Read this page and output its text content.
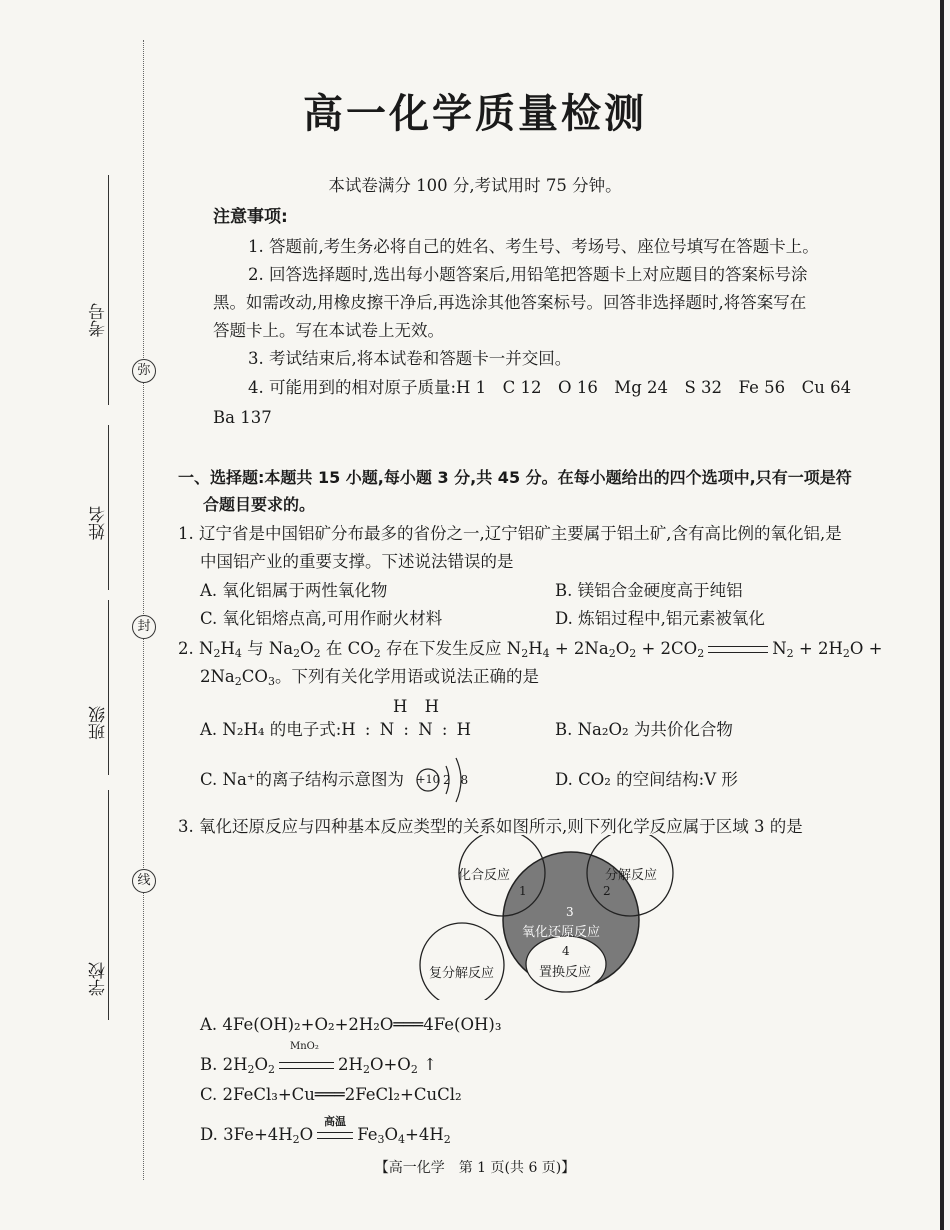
考号
姓名
班级
学校
弥
封
线
高一化学质量检测
本试卷满分 100 分,考试用时 75 分钟。
注意事项:
1. 答题前,考生务必将自己的姓名、考生号、考场号、座位号填写在答题卡上。
2. 回答选择题时,选出每小题答案后,用铅笔把答题卡上对应题目的答案标号涂
黑。如需改动,用橡皮擦干净后,再选涂其他答案标号。回答非选择题时,将答案写在
答题卡上。写在本试卷上无效。
3. 考试结束后,将本试卷和答题卡一并交回。
4. 可能用到的相对原子质量:H 1　C 12　O 16　Mg 24　S 32　Fe 56　Cu 64
Ba 137
一、选择题:本题共 15 小题,每小题 3 分,共 45 分。在每小题给出的四个选项中,只有一项是符
合题目要求的。
1. 辽宁省是中国铝矿分布最多的省份之一,辽宁铝矿主要属于铝土矿,含有高比例的氧化铝,是
中国铝产业的重要支撑。下述说法错误的是
A. 氧化铝属于两性氧化物	B. 镁铝合金硬度高于纯铝
C. 氧化铝熔点高,可用作耐火材料	D. 炼铝过程中,铝元素被氧化
2. $N_2H_4$ 与 $Na_2O_2$ 在 $CO_2$ 存在下发生反应 $N_2H_4 + 2Na_2O_2 + 2CO_2$	$N_2 + 2H_2O$ +
$2Na_2CO_3$。下列有关化学用语或说法正确的是
H H
A. N₂H₄ 的电子式:H : N : N : H	B. Na₂O₂ 为共价化合物
C. Na⁺的离子结构示意图为 +10 2 8	D. CO₂ 的空间结构:V 形
3. 氧化还原反应与四种基本反应类型的关系如图所示,则下列化学反应属于区域 3 的是
化合反应
1
分解反应
2
3
氧化还原反应
复分解反应
4
置换反应
A. 4Fe(OH)₂+O₂+2H₂O═══4Fe(OH)₃
MnO₂
B. $2H_2O_2$	$2H_2O+O_2$ ↑
C. 2FeCl₃+Cu═══2FeCl₂+CuCl₂
高温
D. $3Fe+4H_2O$	$Fe_3O_4+4H_2$
【高一化学　第 1 页(共 6 页)】
